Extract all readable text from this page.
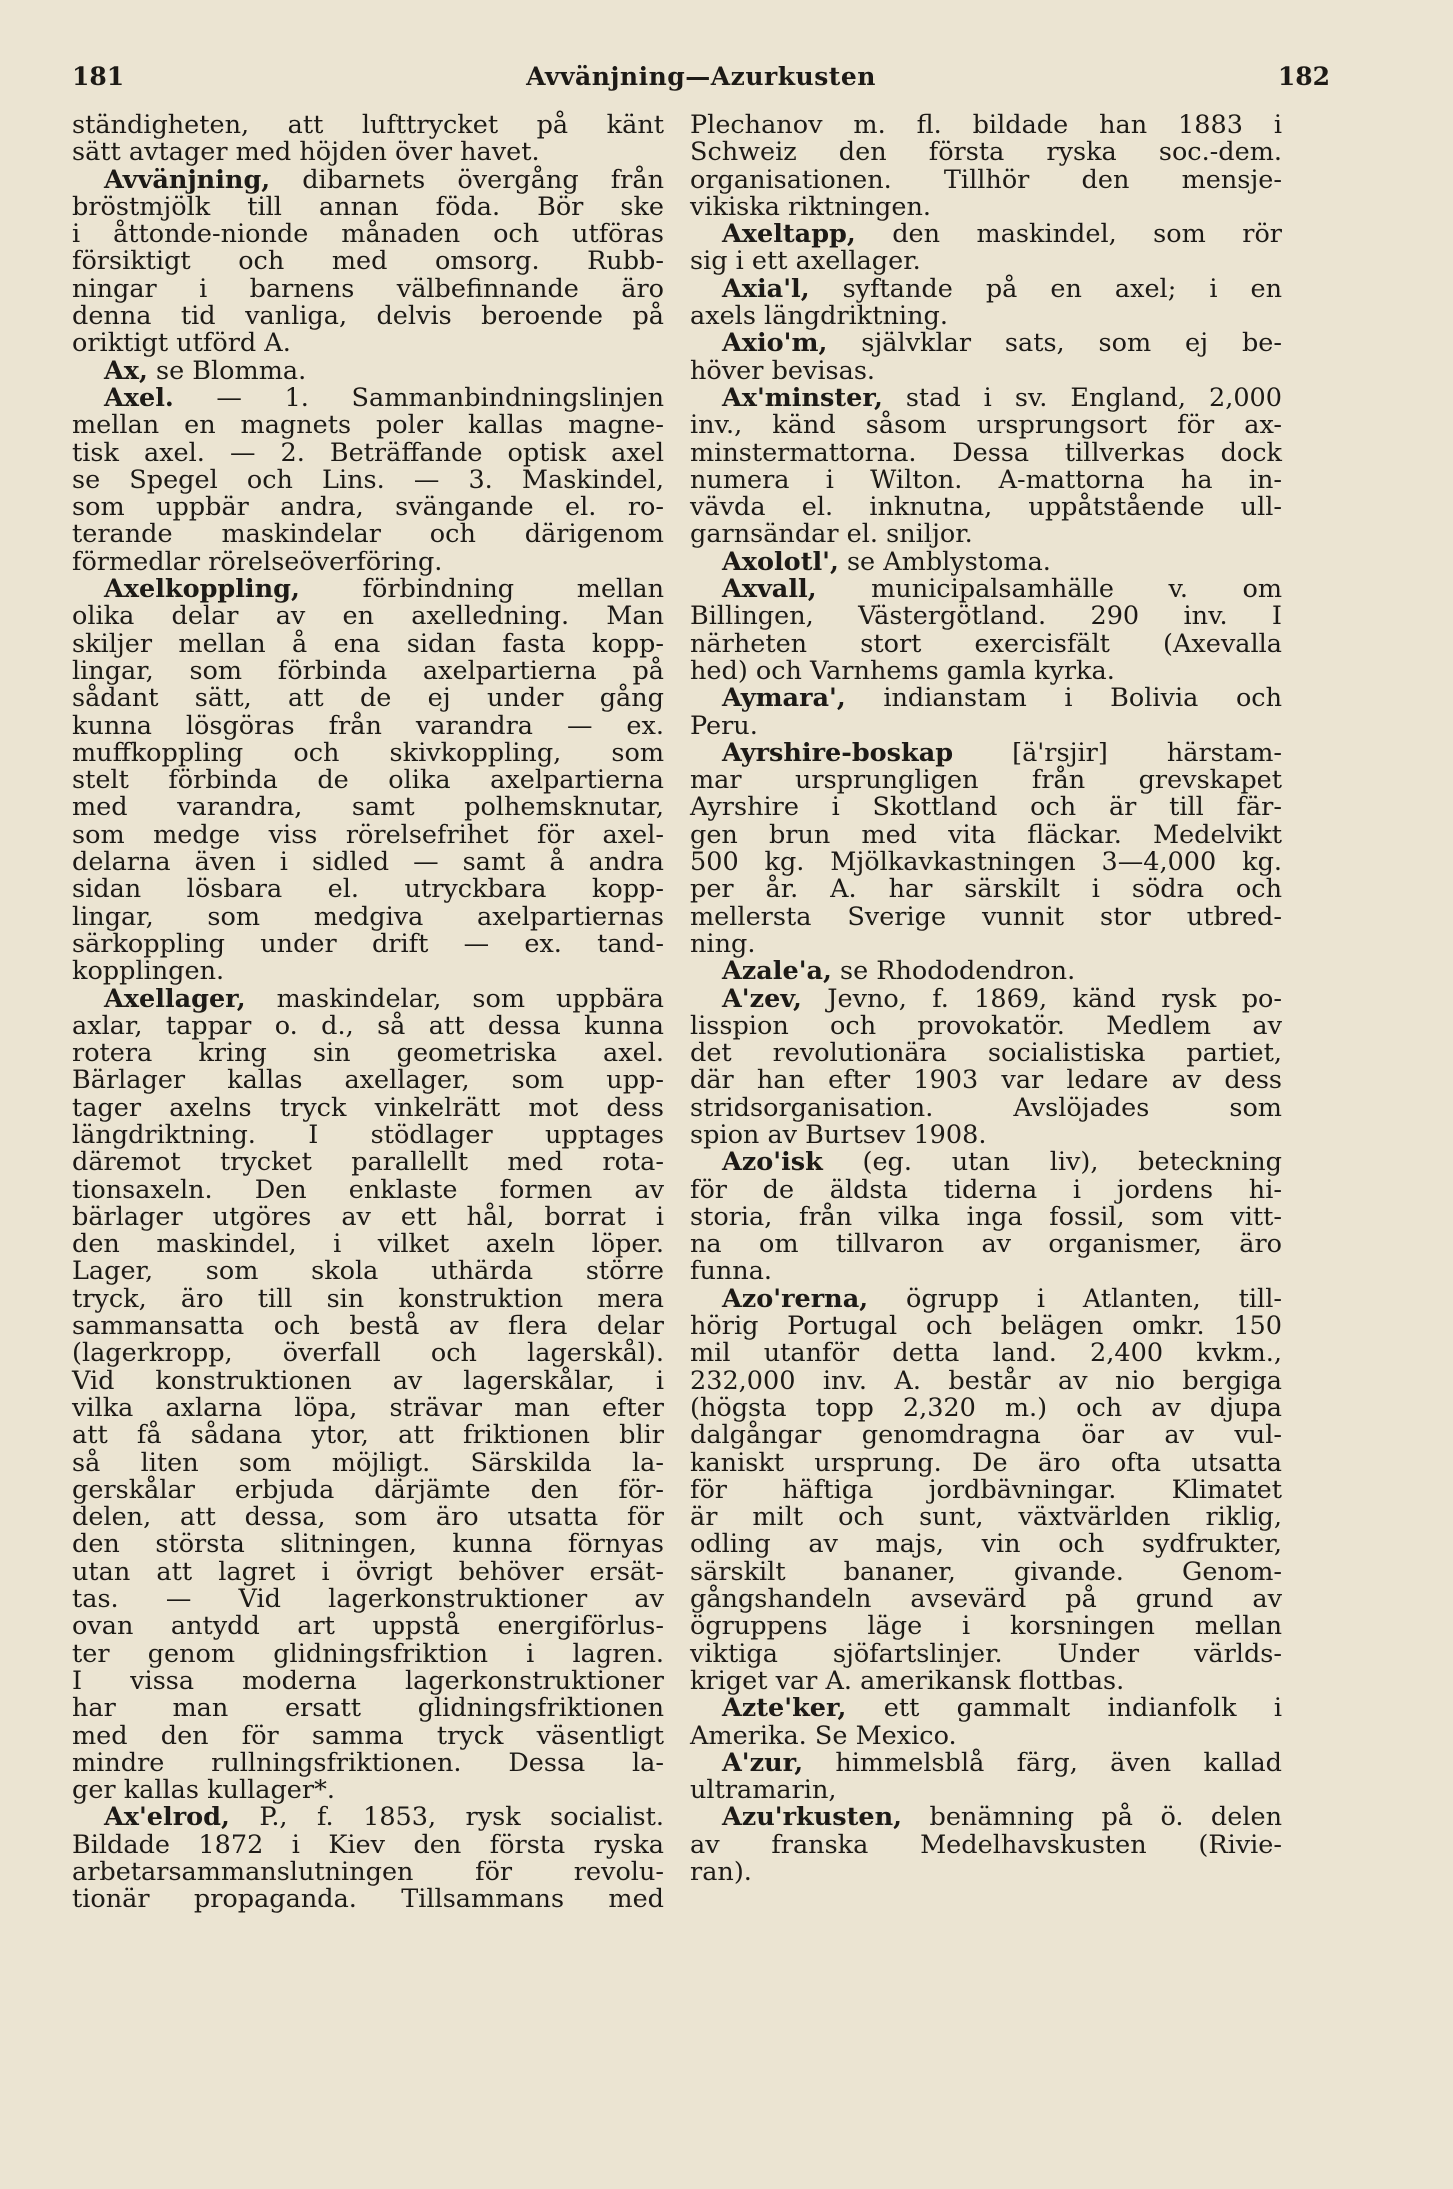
181	Avvänjning—Azurkusten	182
ständigheten, att lufttrycket på känt
sätt avtager med höjden över havet.
Avvänjning, dibarnets övergång från
bröstmjölk till annan föda. Bör ske
i åttonde-nionde månaden och utföras
försiktigt och med omsorg. Rubb-
ningar i barnens välbefinnande äro
denna tid vanliga, delvis beroende på
oriktigt utförd A.
Ax, se Blomma.
Axel. — 1. Sammanbindningslinjen
mellan en magnets poler kallas magne-
tisk axel. — 2. Beträffande optisk axel
se Spegel och Lins. — 3. Maskindel,
som uppbär andra, svängande el. ro-
terande maskindelar och därigenom
förmedlar rörelseöverföring.
Axelkoppling, förbindning mellan
olika delar av en axelledning. Man
skiljer mellan å ena sidan fasta kopp-
lingar, som förbinda axelpartierna på
sådant sätt, att de ej under gång
kunna lösgöras från varandra — ex.
muffkoppling och skivkoppling, som
stelt förbinda de olika axelpartierna
med varandra, samt polhemsknutar,
som medge viss rörelsefrihet för axel-
delarna även i sidled — samt å andra
sidan lösbara el. utryckbara kopp-
lingar, som medgiva axelpartiernas
särkoppling under drift — ex. tand-
kopplingen.
Axellager, maskindelar, som uppbära
axlar, tappar o. d., så att dessa kunna
rotera kring sin geometriska axel.
Bärlager kallas axellager, som upp-
tager axelns tryck vinkelrätt mot dess
längdriktning. I stödlager upptages
däremot trycket parallellt med rota-
tionsaxeln. Den enklaste formen av
bärlager utgöres av ett hål, borrat i
den maskindel, i vilket axeln löper.
Lager, som skola uthärda större
tryck, äro till sin konstruktion mera
sammansatta och bestå av flera delar
(lagerkropp, överfall och lagerskål).
Vid konstruktionen av lagerskålar, i
vilka axlarna löpa, strävar man efter
att få sådana ytor, att friktionen blir
så liten som möjligt. Särskilda la-
gerskålar erbjuda därjämte den för-
delen, att dessa, som äro utsatta för
den största slitningen, kunna förnyas
utan att lagret i övrigt behöver ersät-
tas. — Vid lagerkonstruktioner av
ovan antydd art uppstå energiförlus-
ter genom glidningsfriktion i lagren.
I vissa moderna lagerkonstruktioner
har man ersatt glidningsfriktionen
med den för samma tryck väsentligt
mindre rullningsfriktionen. Dessa la-
ger kallas kullager*.
Ax'elrod, P., f. 1853, rysk socialist.
Bildade 1872 i Kiev den första ryska
arbetarsammanslutningen för revolu-
tionär propaganda. Tillsammans med
Plechanov m. fl. bildade han 1883 i
Schweiz den första ryska soc.-dem.
organisationen. Tillhör den mensje-
vikiska riktningen.
Axeltapp, den maskindel, som rör
sig i ett axellager.
Axia'l, syftande på en axel; i en
axels längdriktning.
Axio'm, självklar sats, som ej be-
höver bevisas.
Ax'minster, stad i sv. England, 2,000
inv., känd såsom ursprungsort för ax-
minstermattorna. Dessa tillverkas dock
numera i Wilton. A-mattorna ha in-
vävda el. inknutna, uppåtstående ull-
garnsändar el. sniljor.
Axolotl', se Amblystoma.
Axvall, municipalsamhälle v. om
Billingen, Västergötland. 290 inv. I
närheten stort exercisfält (Axevalla
hed) och Varnhems gamla kyrka.
Aymara', indianstam i Bolivia och
Peru.
Ayrshire-boskap [ä'rsjir] härstam-
mar ursprungligen från grevskapet
Ayrshire i Skottland och är till fär-
gen brun med vita fläckar. Medelvikt
500 kg. Mjölkavkastningen 3—4,000 kg.
per år. A. har särskilt i södra och
mellersta Sverige vunnit stor utbred-
ning.
Azale'a, se Rhododendron.
A'zev, Jevno, f. 1869, känd rysk po-
lisspion och provokatör. Medlem av
det revolutionära socialistiska partiet,
där han efter 1903 var ledare av dess
stridsorganisation. Avslöjades som
spion av Burtsev 1908.
Azo'isk (eg. utan liv), beteckning
för de äldsta tiderna i jordens hi-
storia, från vilka inga fossil, som vitt-
na om tillvaron av organismer, äro
funna.
Azo'rerna, ögrupp i Atlanten, till-
hörig Portugal och belägen omkr. 150
mil utanför detta land. 2,400 kvkm.,
232,000 inv. A. består av nio bergiga
(högsta topp 2,320 m.) och av djupa
dalgångar genomdragna öar av vul-
kaniskt ursprung. De äro ofta utsatta
för häftiga jordbävningar. Klimatet
är milt och sunt, växtvärlden riklig,
odling av majs, vin och sydfrukter,
särskilt bananer, givande. Genom-
gångshandeln avsevärd på grund av
ögruppens läge i korsningen mellan
viktiga sjöfartslinjer. Under världs-
kriget var A. amerikansk flottbas.
Azte'ker, ett gammalt indianfolk i
Amerika. Se Mexico.
A'zur, himmelsblå färg, även kallad
ultramarin,
Azu'rkusten, benämning på ö. delen
av franska Medelhavskusten (Rivie-
ran).
